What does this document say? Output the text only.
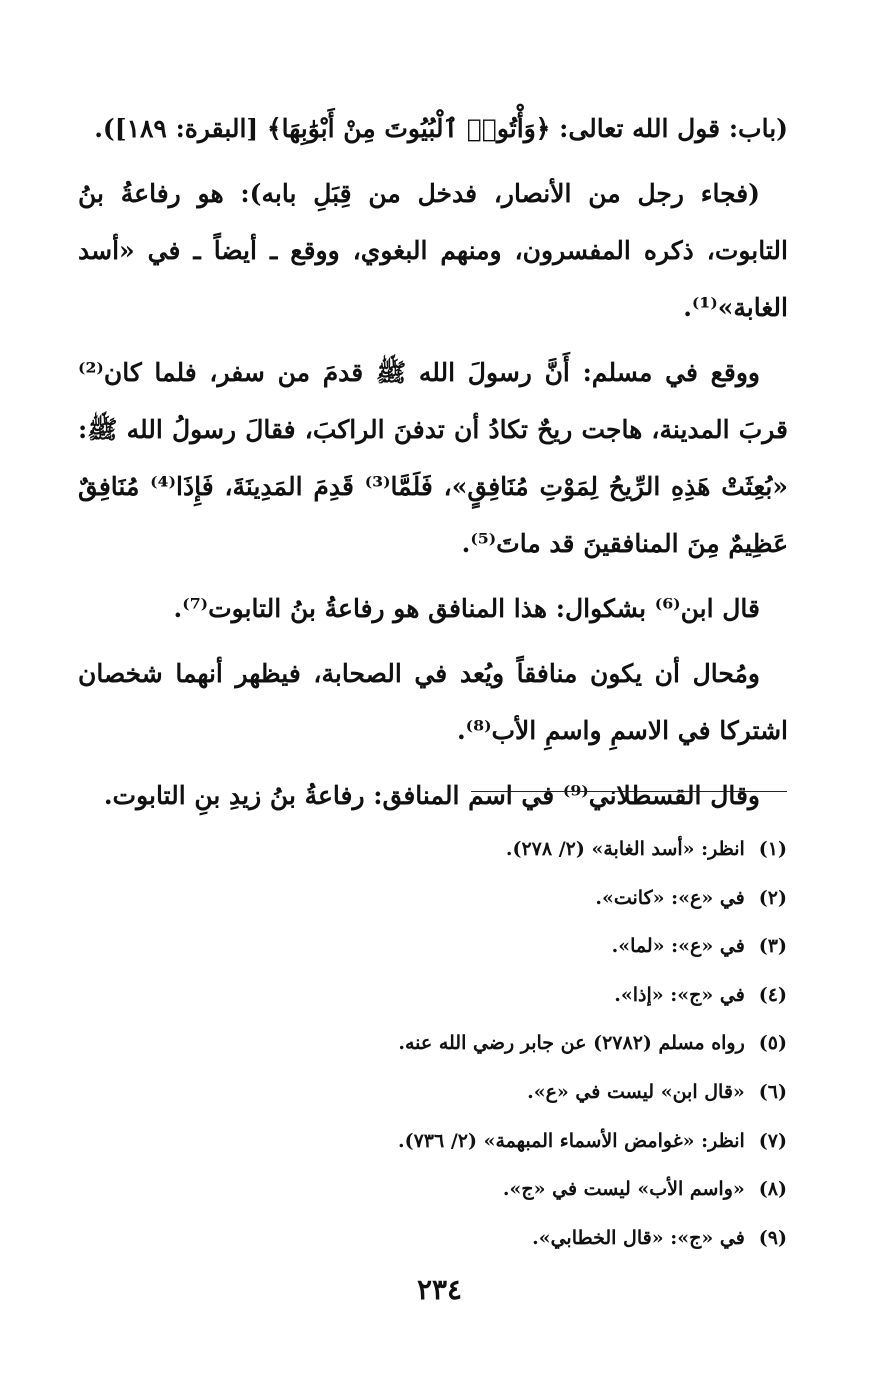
(باب: قول الله تعالى: ﴿وَأْتُوا۟ ٱلْبُيُوتَ مِنْ أَبْوَٰبِهَا﴾ [البقرة: ١٨٩]).

(فجاء رجل من الأنصار، فدخل من قِبَلِ بابه): هو رفاعةُ بنُ التابوت، ذكره المفسرون، ومنهم البغوي، ووقع ـ أيضاً ـ في «أسد الغابة»⁽¹⁾.

ووقع في مسلم: أَنَّ رسولَ الله ﷺ قدمَ من سفر، فلما كان⁽²⁾ قربَ المدينة، هاجت ريحٌ تكادُ أن تدفنَ الراكبَ، فقالَ رسولُ الله ﷺ: «بُعِثَتْ هَذِهِ الرِّيحُ لِمَوْتِ مُنَافِقٍ»، فَلَمَّا⁽³⁾ قَدِمَ المَدِينَةَ، فَإِذَا⁽⁴⁾ مُنَافِقٌ عَظِيمٌ مِنَ المنافقينَ قد ماتَ⁽⁵⁾.

قال ابن⁽⁶⁾ بشكوال: هذا المنافق هو رفاعةُ بنُ التابوت⁽⁷⁾.

ومُحال أن يكون منافقاً ويُعد في الصحابة، فيظهر أنهما شخصان اشتركا في الاسمِ واسمِ الأب⁽⁸⁾.

وقال القسطلاني⁽⁹⁾ في اسم المنافق: رفاعةُ بنُ زيدِ بنِ التابوت.

(١)انظر: «أسد الغابة» (٢/ ٢٧٨).
(٢)في «ع»: «كانت».
(٣)في «ع»: «لما».
(٤)في «ج»: «إذا».
(٥)رواه مسلم (٢٧٨٢) عن جابر رضي الله عنه.
(٦)«قال ابن» ليست في «ع».
(٧)انظر: «غوامض الأسماء المبهمة» (٢/ ٧٣٦).
(٨)«واسم الأب» ليست في «ج».
(٩)في «ج»: «قال الخطابي».
٢٣٤
